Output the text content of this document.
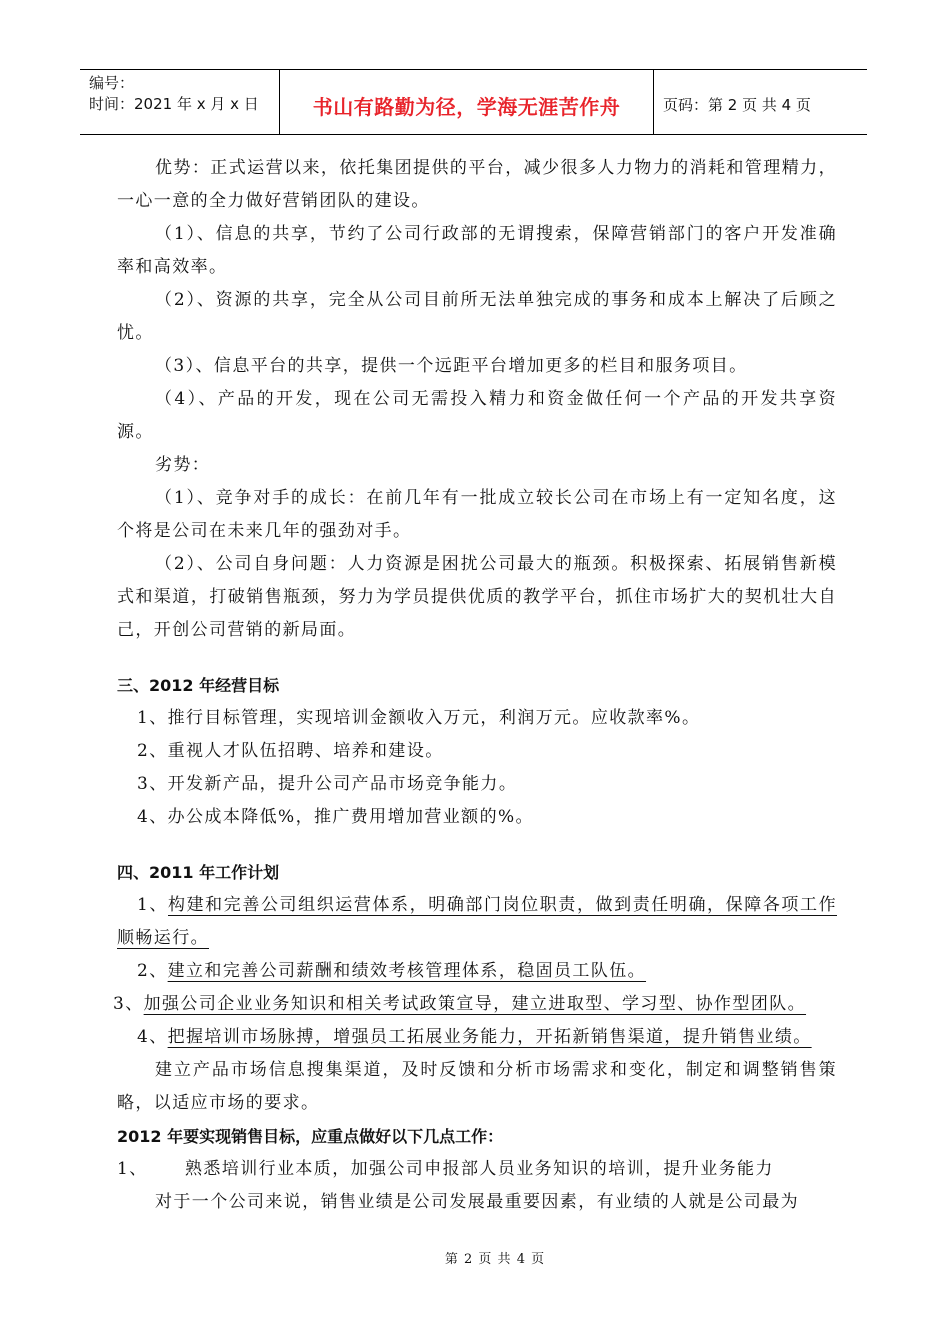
编号：
时间：2021 年 x 月 x 日	书山有路勤为径，学海无涯苦作舟	页码：第 2 页 共 4 页

优势：正式运营以来，依托集团提供的平台，减少很多人力物力的消耗和管理精力，一心一意的全力做好营销团队的建设。

（1）、信息的共享，节约了公司行政部的无谓搜索，保障营销部门的客户开发准确率和高效率。

（2）、资源的共享，完全从公司目前所无法单独完成的事务和成本上解决了后顾之忧。

（3）、信息平台的共享，提供一个远距平台增加更多的栏目和服务项目。

（4）、产品的开发，现在公司无需投入精力和资金做任何一个产品的开发共享资源。

劣势：

（1）、竞争对手的成长：在前几年有一批成立较长公司在市场上有一定知名度，这个将是公司在未来几年的强劲对手。

（2）、公司自身问题：人力资源是困扰公司最大的瓶颈。积极探索、拓展销售新模式和渠道，打破销售瓶颈，努力为学员提供优质的教学平台，抓住市场扩大的契机壮大自己，开创公司营销的新局面。

三、2012 年经营目标

1、推行目标管理，实现培训金额收入万元，利润万元。应收款率%。

2、重视人才队伍招聘、培养和建设。

3、开发新产品，提升公司产品市场竞争能力。

4、办公成本降低%，推广费用增加营业额的%。

四、2011 年工作计划

1、构建和完善公司组织运营体系，明确部门岗位职责，做到责任明确，保障各项工作顺畅运行。

2、建立和完善公司薪酬和绩效考核管理体系，稳固员工队伍。

3、加强公司企业业务知识和相关考试政策宣导，建立进取型、学习型、协作型团队。

4、把握培训市场脉搏，增强员工拓展业务能力，开拓新销售渠道，提升销售业绩。

建立产品市场信息搜集渠道，及时反馈和分析市场需求和变化，制定和调整销售策略，以适应市场的要求。

2012 年要实现销售目标，应重点做好以下几点工作：

1、 熟悉培训行业本质，加强公司申报部人员业务知识的培训，提升业务能力

对于一个公司来说，销售业绩是公司发展最重要因素，有业绩的人就是公司最为

第 2 页 共 4 页
